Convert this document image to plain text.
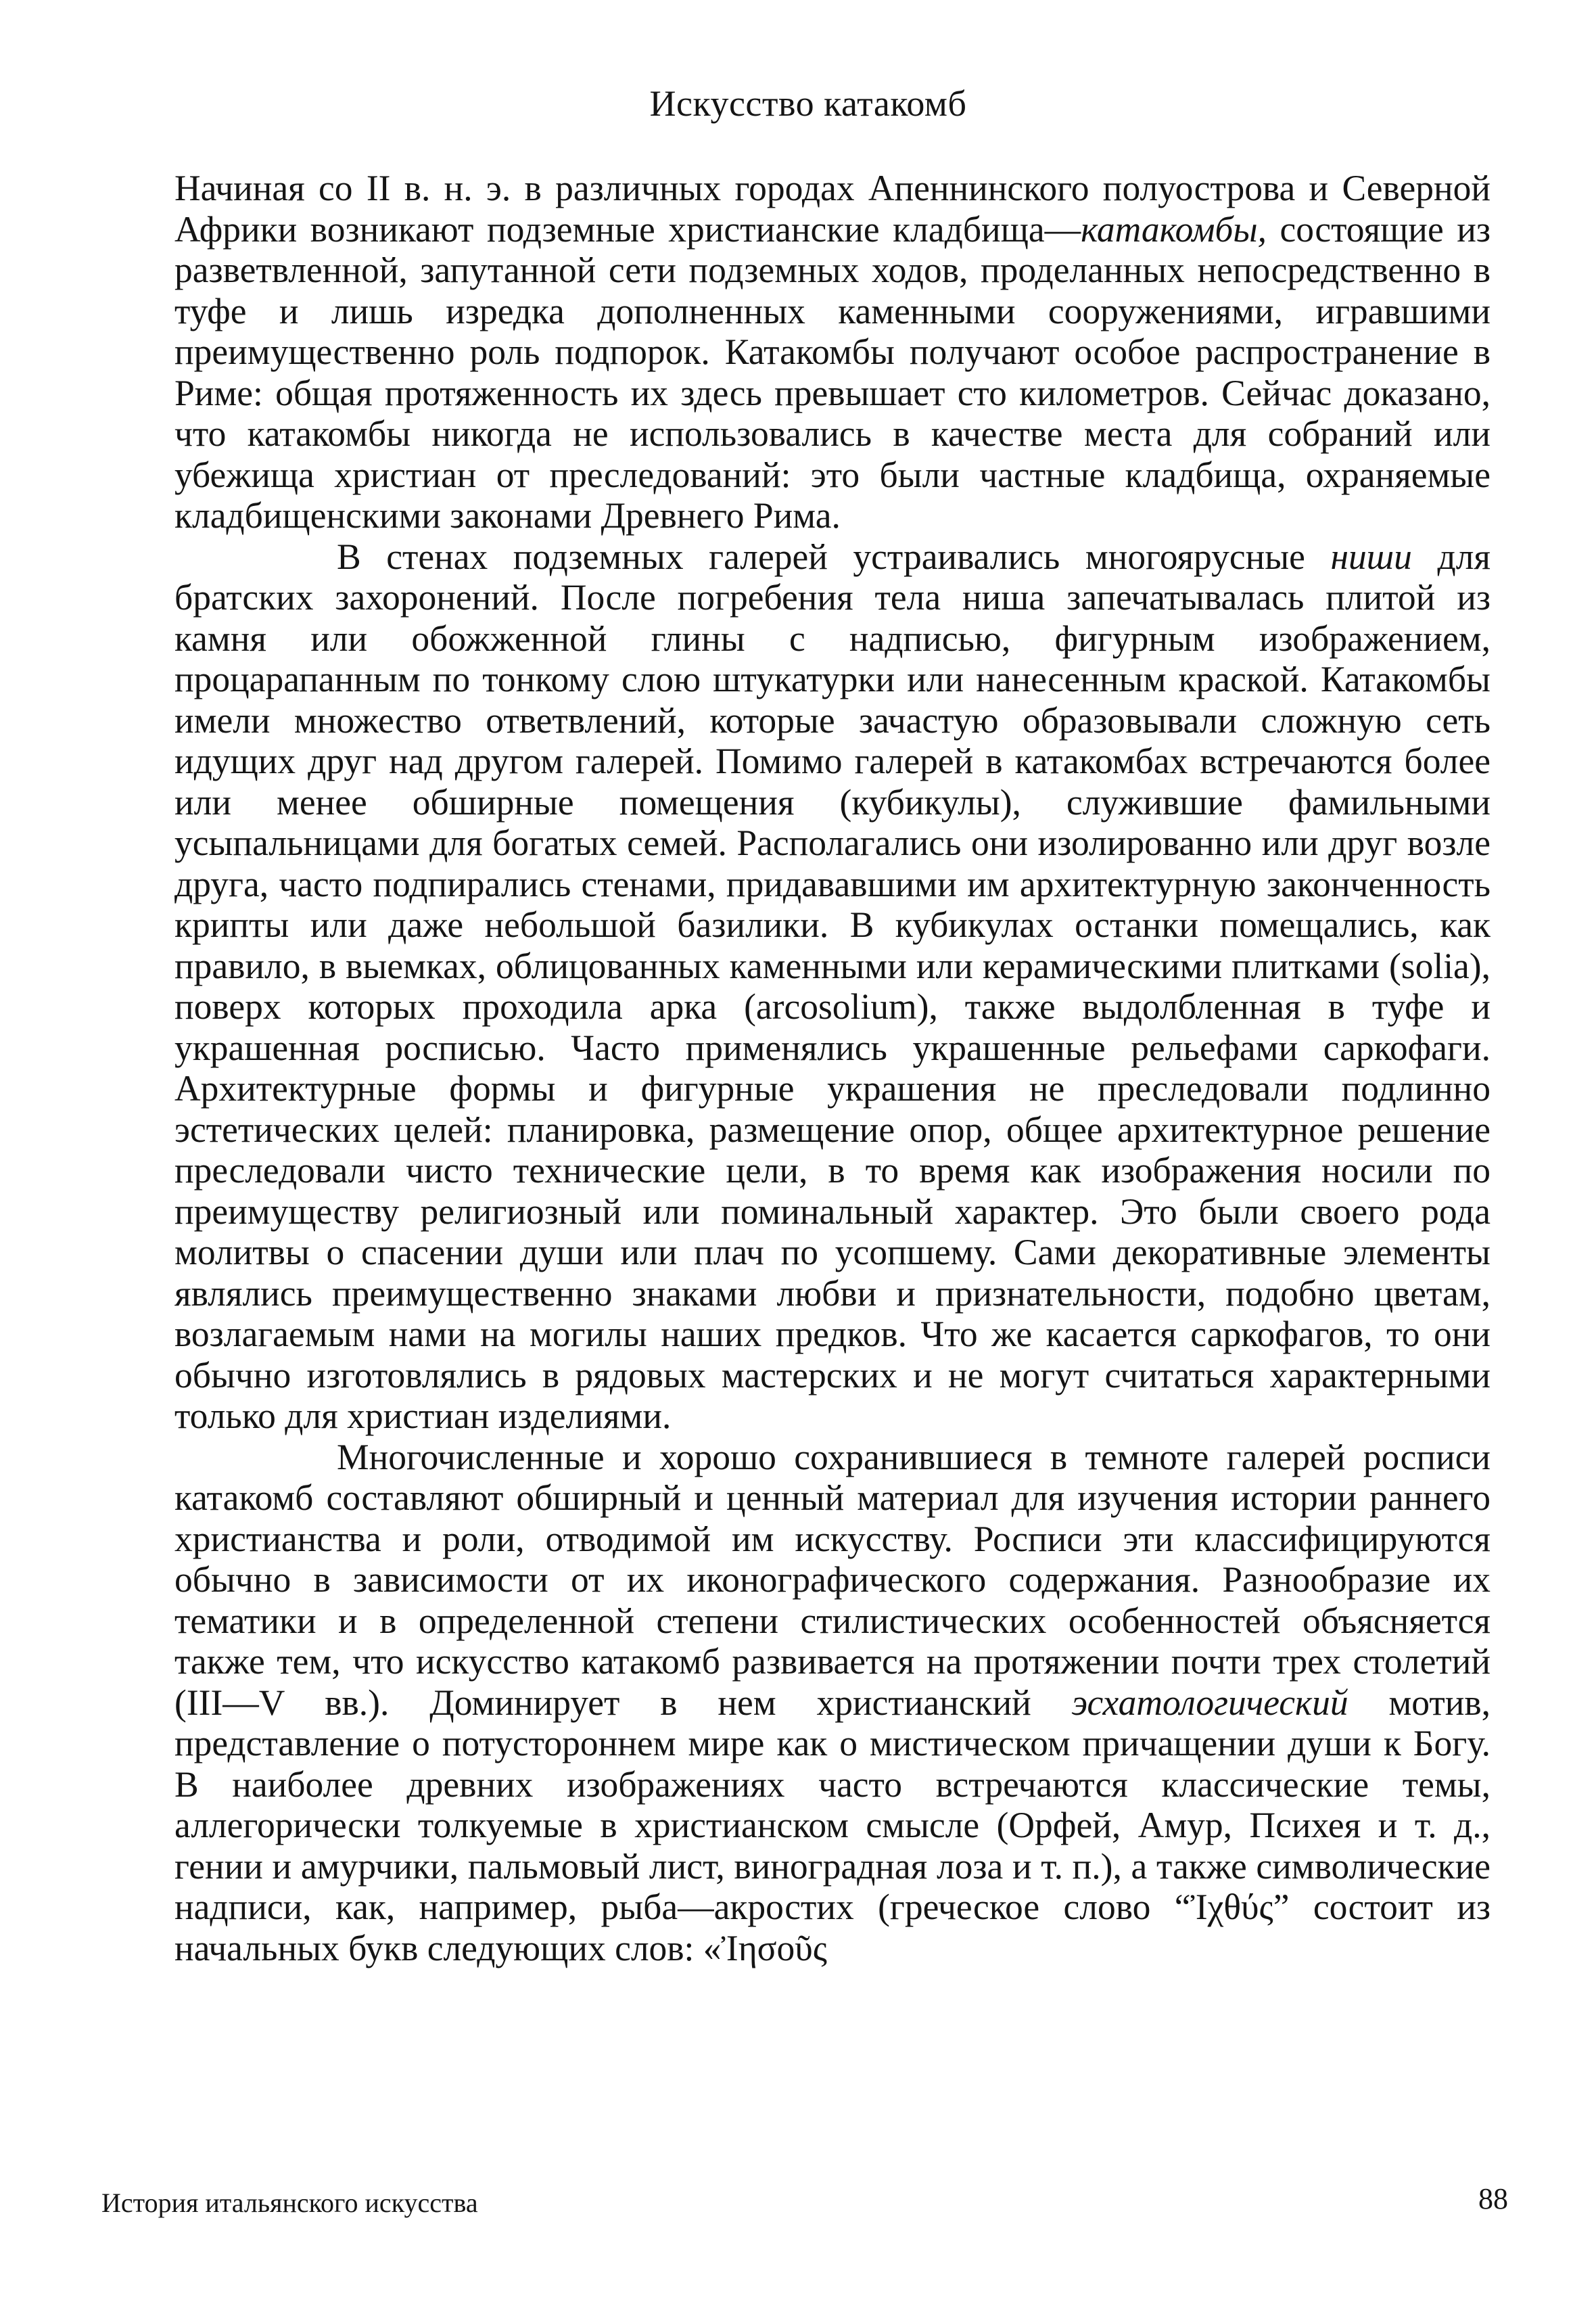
Искусство катакомб

Начиная со II в. н. э. в различных городах Апеннинского полуострова и Северной Африки возникают подземные христианские кладбища—катакомбы, состоящие из разветвленной, запутанной сети подземных ходов, проделанных непосредственно в туфе и лишь изредка дополненных каменными сооружениями, игравшими преимущественно роль подпорок. Катакомбы получают особое распространение в Риме: общая протяженность их здесь превышает сто километров. Сейчас доказано, что катакомбы никогда не использовались в качестве места для собраний или убежища христиан от преследований: это были частные кладбища, охраняемые кладбищенскими законами Древнего Рима.

В стенах подземных галерей устраивались многоярусные ниши для братских захоронений. После погребения тела ниша запечатывалась плитой из камня или обожженной глины с надписью, фигурным изображением, процарапанным по тонкому слою штукатурки или нанесенным краской. Катакомбы имели множество ответвлений, которые зачастую образовывали сложную сеть идущих друг над другом галерей. Помимо галерей в катакомбах встречаются более или менее обширные помещения (кубикулы), служившие фамильными усыпальницами для богатых семей. Располагались они изолированно или друг возле друга, часто подпирались стенами, придававшими им архитектурную законченность крипты или даже небольшой базилики. В кубикулах останки помещались, как правило, в выемках, облицованных каменными или керамическими плитками (solia), поверх которых проходила арка (arcosolium), также выдолбленная в туфе и украшенная росписью. Часто применялись украшенные рельефами саркофаги. Архитектурные формы и фигурные украшения не преследовали подлинно эстетических целей: планировка, размещение опор, общее архитектурное решение преследовали чисто технические цели, в то время как изображения носили по преимуществу религиозный или поминальный характер. Это были своего рода молитвы о спасении души или плач по усопшему. Сами декоративные элементы являлись преимущественно знаками любви и признательности, подобно цветам, возлагаемым нами на могилы наших предков. Что же касается саркофагов, то они обычно изготовлялись в рядовых мастерских и не могут считаться характерными только для христиан изделиями.

Многочисленные и хорошо сохранившиеся в темноте галерей росписи катакомб составляют обширный и ценный материал для изучения истории раннего христианства и роли, отводимой им искусству. Росписи эти классифицируются обычно в зависимости от их иконографического содержания. Разнообразие их тематики и в определенной степени стилистических особенностей объясняется также тем, что искусство катакомб развивается на протяжении почти трех столетий (III—V вв.). Доминирует в нем христианский эсхатологический мотив, представление о потустороннем мире как о мистическом причащении души к Богу. В наиболее древних изображениях часто встречаются классические темы, аллегорически толкуемые в христианском смысле (Орфей, Амур, Психея и т. д., гении и амурчики, пальмовый лист, виноградная лоза и т. п.), а также символические надписи, как, например, рыба—акростих (греческое слово “Ἰχθύς” состоит из начальных букв следующих слов: «Ἰησοῦς

История итальянского искусства	88
